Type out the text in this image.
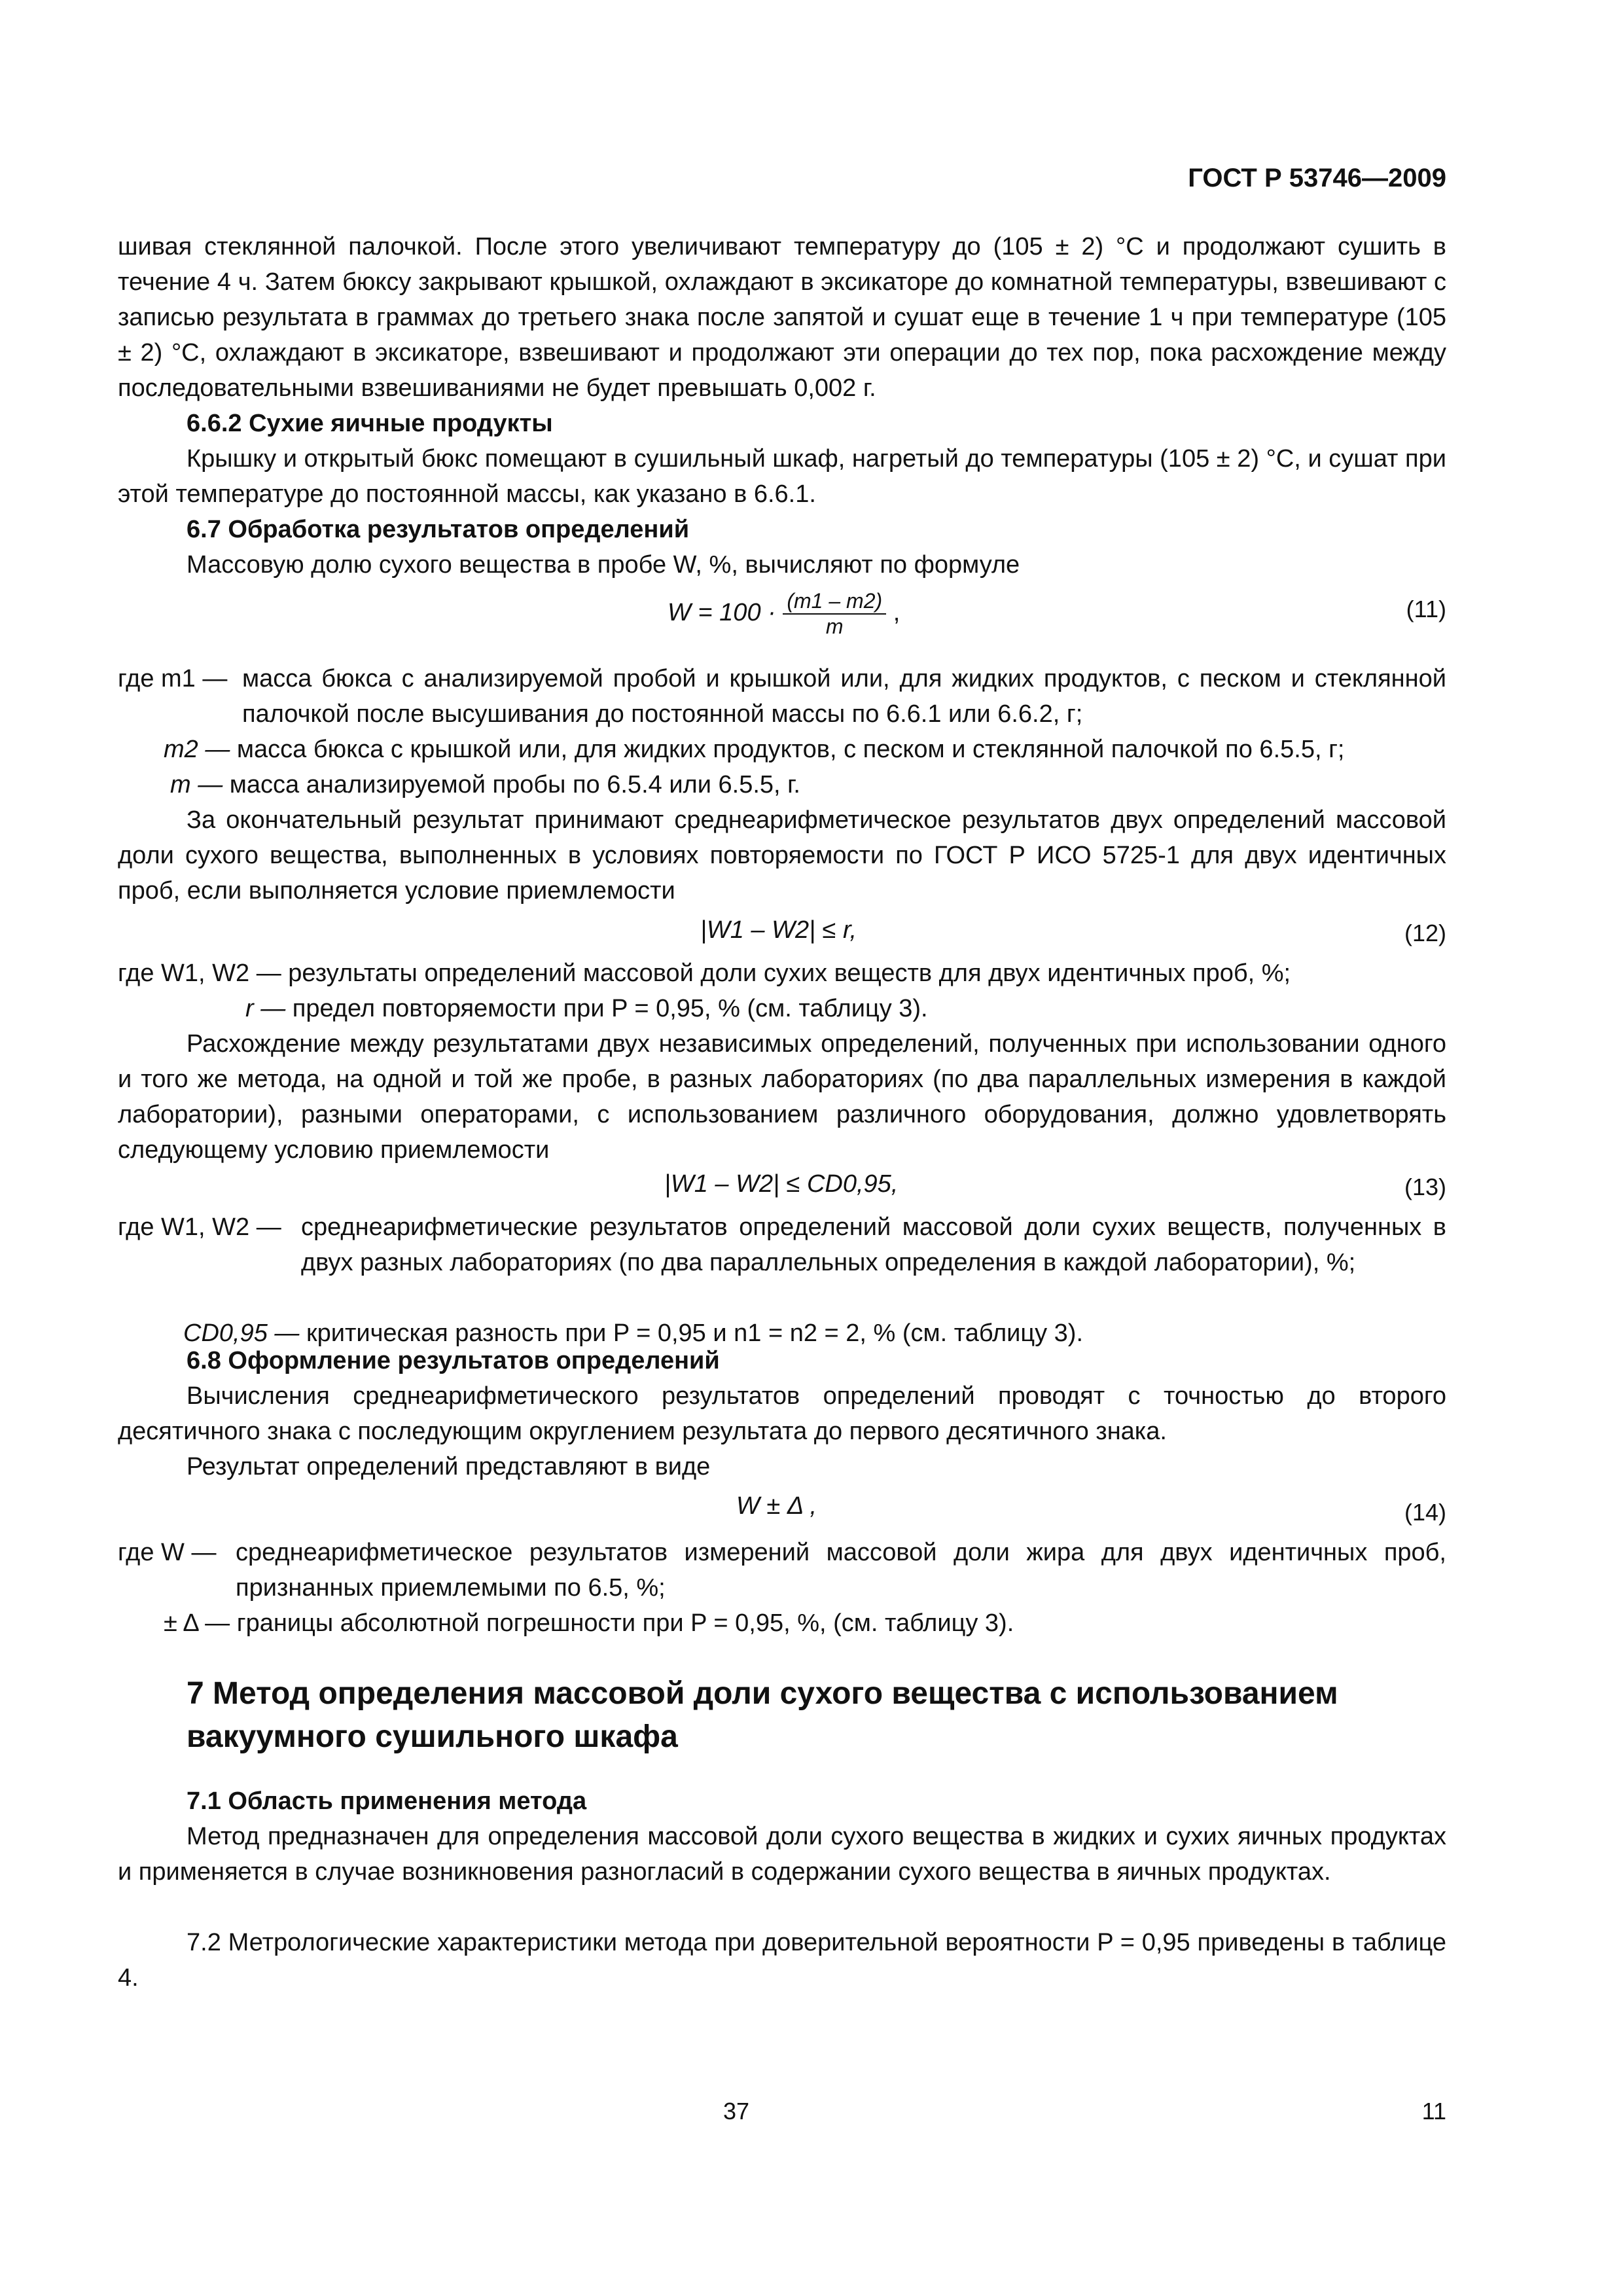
ГОСТ Р 53746—2009

шивая стеклянной палочкой. После этого увеличивают температуру до (105 ± 2) °С и продолжают сушить в течение 4 ч. Затем бюксу закрывают крышкой, охлаждают в эксикаторе до комнатной температуры, взвешивают с записью результата в граммах до третьего знака после запятой и сушат еще в течение 1 ч при температуре (105 ± 2) °С, охлаждают в эксикаторе, взвешивают и продолжают эти операции до тех пор, пока расхождение между последовательными взвешиваниями не будет превышать 0,002 г.

6.6.2 Сухие яичные продукты

Крышку и открытый бюкс помещают в сушильный шкаф, нагретый до температуры (105 ± 2) °С, и сушат при этой температуре до постоянной массы, как указано в 6.6.1.

6.7 Обработка результатов определений

Массовую долю сухого вещества в пробе W, %, вычисляют по формуле

$W = 100 \cdot \frac{(m1 - m2)}{m}$ ,	(11)
где m1 — масса бюкса с анализируемой пробой и крышкой или, для жидких продуктов, с песком и стеклянной палочкой после высушивания до постоянной массы по 6.6.1 или 6.6.2, г;
m2 — масса бюкса с крышкой или, для жидких продуктов, с песком и стеклянной палочкой по 6.5.5, г;
m — масса анализируемой пробы по 6.5.4 или 6.5.5, г.

За окончательный результат принимают среднеарифметическое результатов двух определений массовой доли сухого вещества, выполненных в условиях повторяемости по ГОСТ Р ИСО 5725-1 для двух идентичных проб, если выполняется условие приемлемости

|W1 – W2| ≤ r,	(12)
где W1, W2 — результаты определений массовой доли сухих веществ для двух идентичных проб, %;
r — предел повторяемости при P = 0,95, % (см. таблицу 3).

Расхождение между результатами двух независимых определений, полученных при использовании одного и того же метода, на одной и той же пробе, в разных лабораториях (по два параллельных измерения в каждой лаборатории), разными операторами, с использованием различного оборудования, должно удовлетворять следующему условию приемлемости

|W1 – W2| ≤ CD0,95,	(13)
где W1, W2 — среднеарифметические результатов определений массовой доли сухих веществ, полученных в двух разных лабораториях (по два параллельных определения в каждой лаборатории), %;
CD0,95 — критическая разность при P = 0,95 и n1 = n2 = 2, % (см. таблицу 3).

6.8 Оформление результатов определений

Вычисления среднеарифметического результатов определений проводят с точностью до второго десятичного знака с последующим округлением результата до первого десятичного знака.

Результат определений представляют в виде

W ± Δ ,	(14)
где W — среднеарифметическое результатов измерений массовой доли жира для двух идентичных проб, признанных приемлемыми по 6.5, %;
± Δ — границы абсолютной погрешности при P = 0,95, %, (см. таблицу 3).

7 Метод определения массовой доли сухого вещества с использованием вакуумного сушильного шкафа

7.1 Область применения метода

Метод предназначен для определения массовой доли сухого вещества в жидких и сухих яичных продуктах и применяется в случае возникновения разногласий в содержании сухого вещества в яичных продуктах.

7.2 Метрологические характеристики метода при доверительной вероятности P = 0,95 приведены в таблице 4.

37	11
